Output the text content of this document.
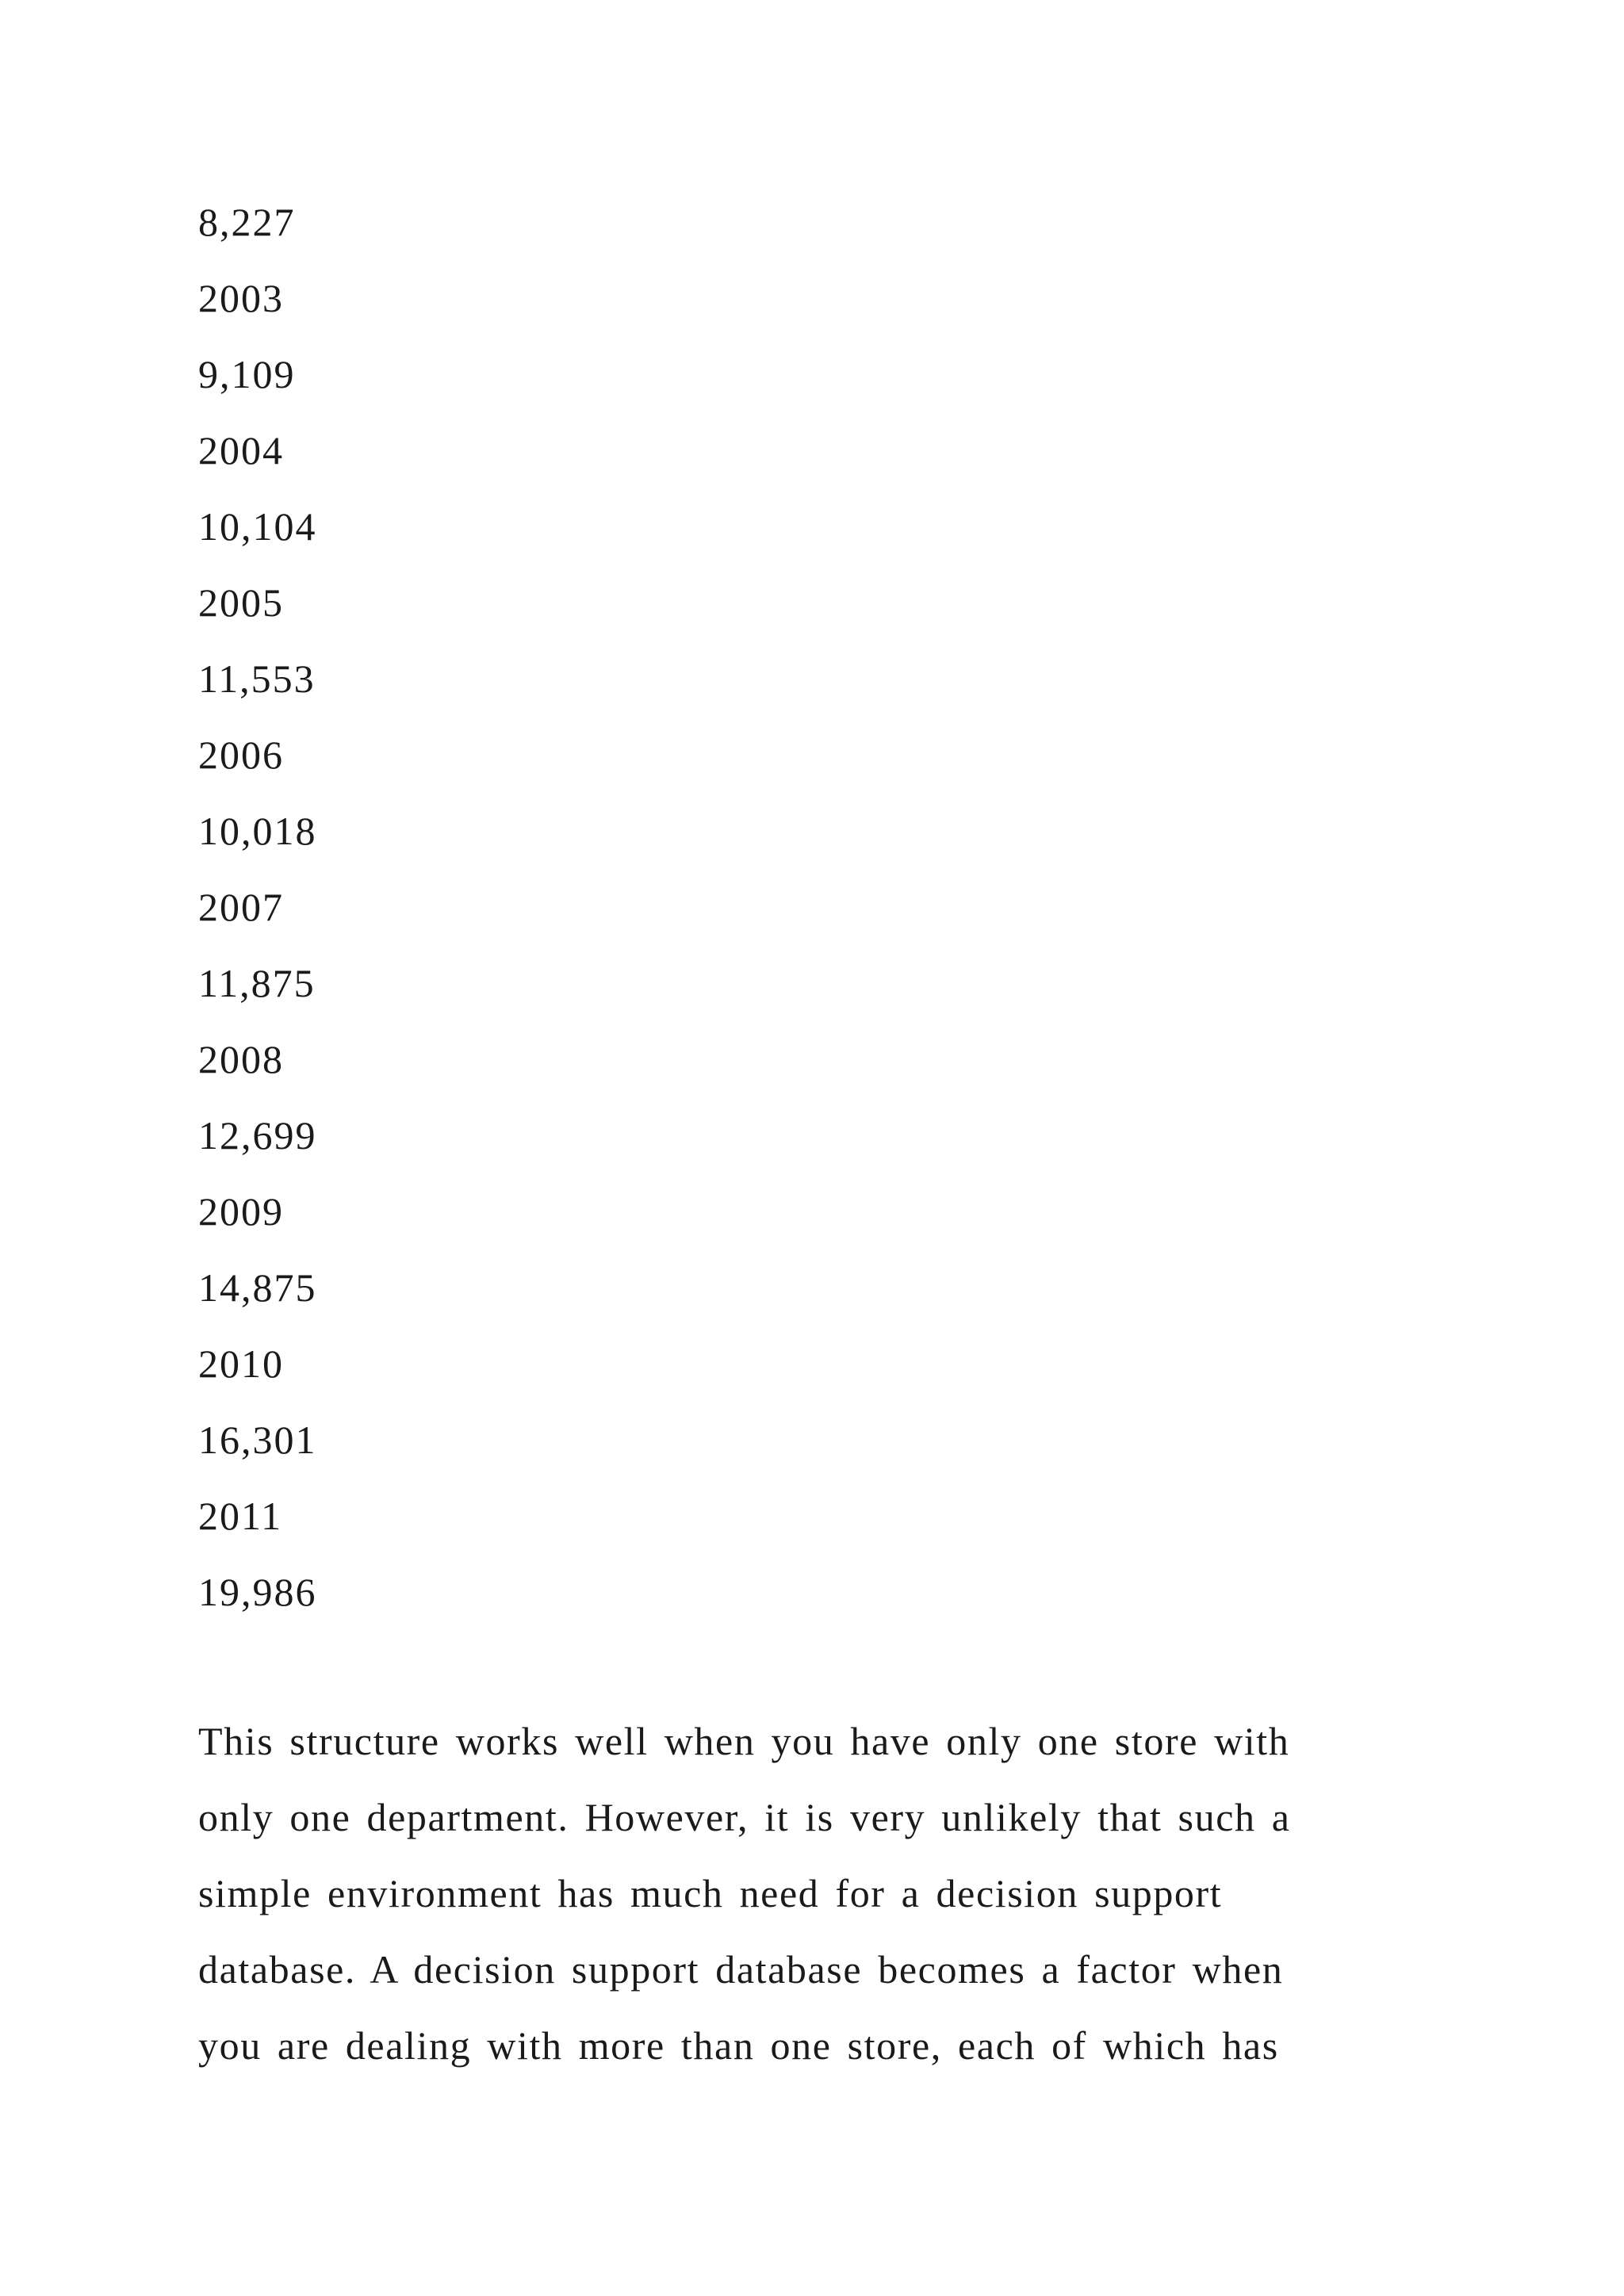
8,227
2003
9,109
2004
10,104
2005
11,553
2006
10,018
2007
11,875
2008
12,699
2009
14,875
2010
16,301
2011
19,986
This structure works well when you have only one store with
only one department. However, it is very unlikely that such a
simple environment has much need for a decision support
database. A decision support database becomes a factor when
you are dealing with more than one store, each of which has
